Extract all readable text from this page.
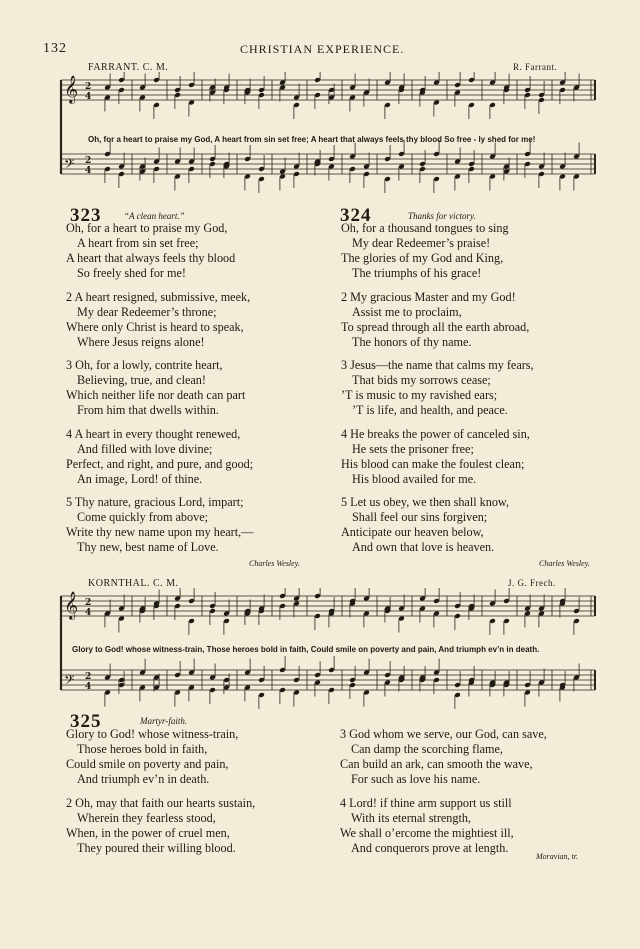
132	CHRISTIAN EXPERIENCE.
FARRANT. C. M.	R. Farrant.
𝄞 2
4
𝄢 2
4
Oh, for a heart to praise my God, A heart from sin set free; A heart that always feels thy blood So free - ly shed for me!
323	“A clean heart.”
Oh, for a heart to praise my God,
A heart from sin set free;
A heart that always feels thy blood
So freely shed for me!
2 A heart resigned, submissive, meek,
My dear Redeemer’s throne;
Where only Christ is heard to speak,
Where Jesus reigns alone!
3 Oh, for a lowly, contrite heart,
Believing, true, and clean!
Which neither life nor death can part
From him that dwells within.
4 A heart in every thought renewed,
And filled with love divine;
Perfect, and right, and pure, and good;
An image, Lord! of thine.
5 Thy nature, gracious Lord, impart;
Come quickly from above;
Write thy new name upon my heart,—
Thy new, best name of Love.
Charles Wesley.
324	Thanks for victory.
Oh, for a thousand tongues to sing
My dear Redeemer’s praise!
The glories of my God and King,
The triumphs of his grace!
2 My gracious Master and my God!
Assist me to proclaim,
To spread through all the earth abroad,
The honors of thy name.
3 Jesus—the name that calms my fears,
That bids my sorrows cease;
’T is music to my ravished ears;
’T is life, and health, and peace.
4 He breaks the power of canceled sin,
He sets the prisoner free;
His blood can make the foulest clean;
His blood availed for me.
5 Let us obey, we then shall know,
Shall feel our sins forgiven;
Anticipate our heaven below,
And own that love is heaven.
Charles Wesley.
KORNTHAL. C. M.	J. G. Frech.
𝄞 2
4
𝄢 2
4
Glory to God! whose witness-train, Those heroes bold in faith, Could smile on poverty and pain, And triumph ev’n in death.
325	Martyr-faith.
Glory to God! whose witness-train,
Those heroes bold in faith,
Could smile on poverty and pain,
And triumph ev’n in death.
2 Oh, may that faith our hearts sustain,
Wherein they fearless stood,
When, in the power of cruel men,
They poured their willing blood.
3 God whom we serve, our God, can save,
Can damp the scorching flame,
Can build an ark, can smooth the wave,
For such as love his name.
4 Lord! if thine arm support us still
With its eternal strength,
We shall o’ercome the mightiest ill,
And conquerors prove at length.
Moravian, tr.
